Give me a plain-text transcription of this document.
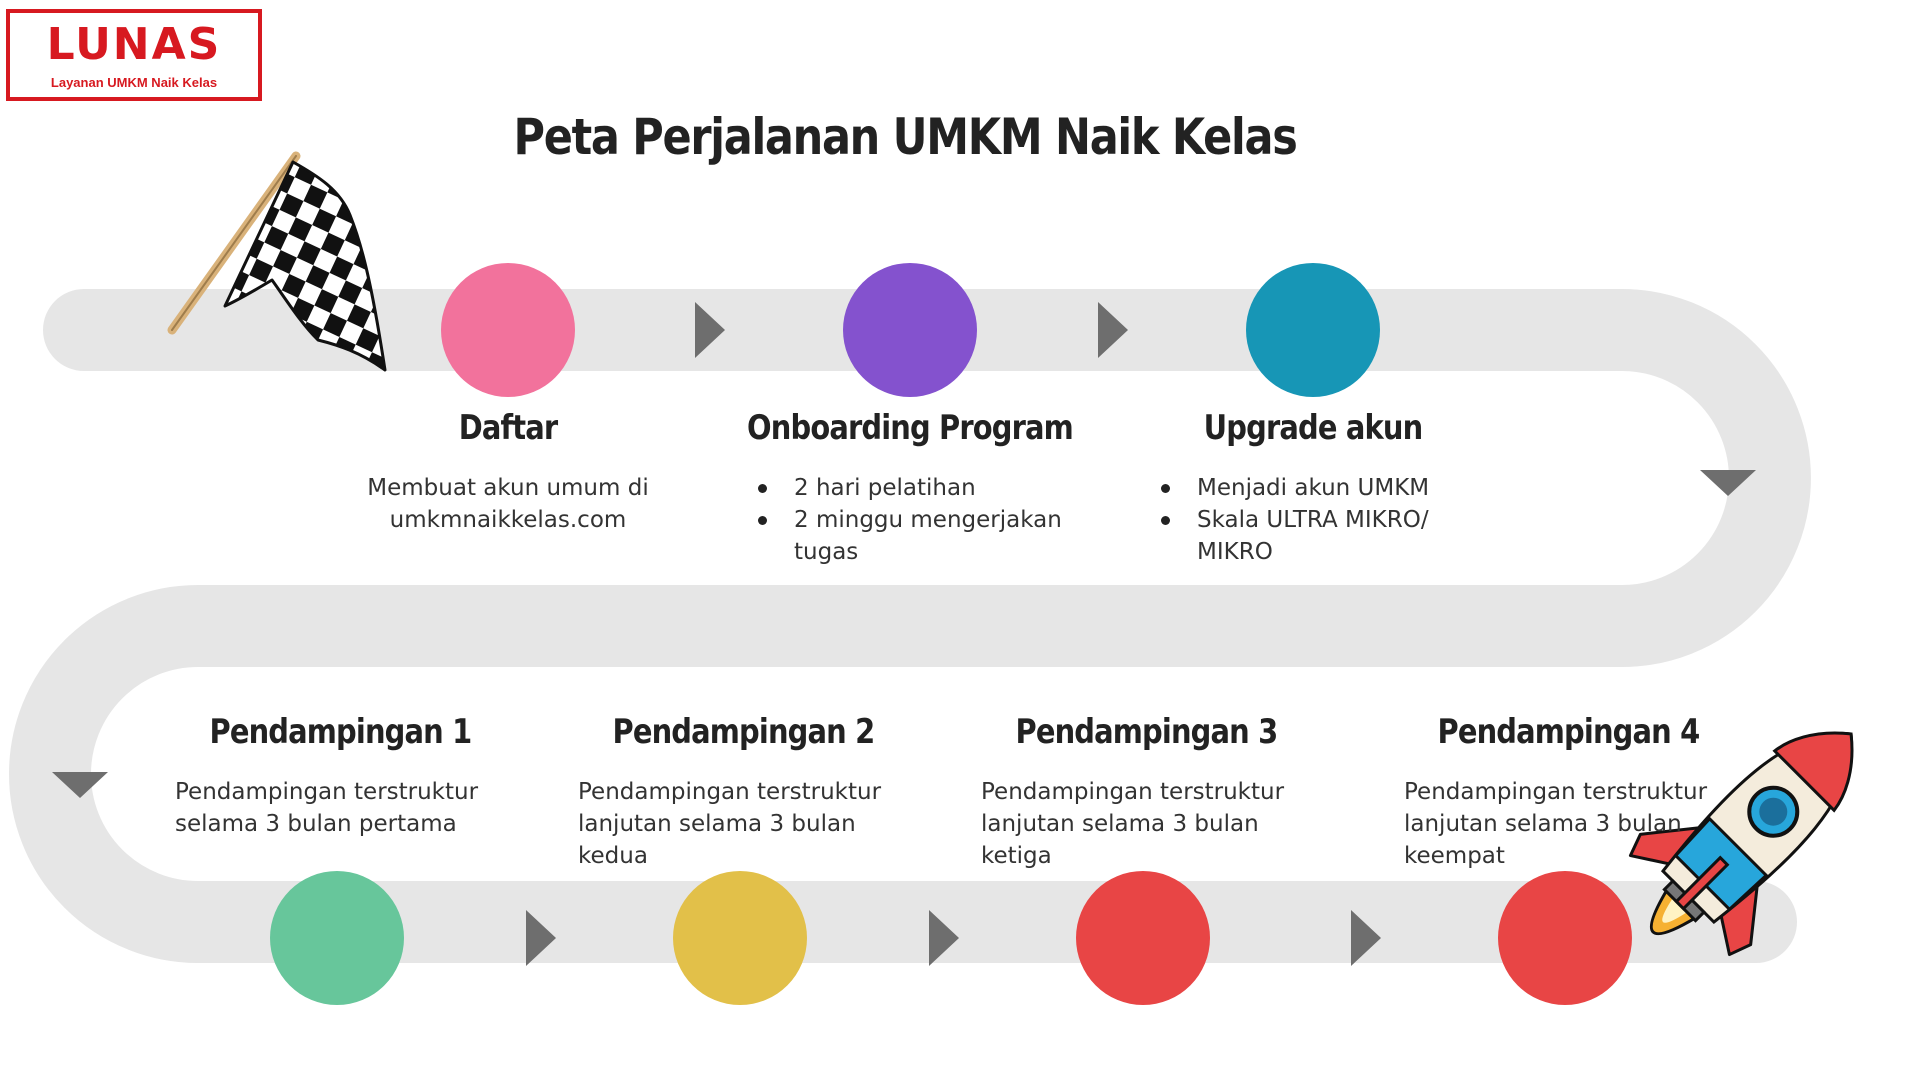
LUNAS
Layanan UMKM Naik Kelas
Peta Perjalanan UMKM Naik Kelas
Daftar
Membuat akun umum di umkmnaikkelas.com
Onboarding Program
2 hari pelatihan
2 minggu mengerjakan tugas
Upgrade akun
Menjadi akun UMKM
Skala ULTRA MIKRO/ MIKRO
Pendampingan 1
Pendampingan terstruktur selama 3 bulan pertama
Pendampingan 2
Pendampingan terstruktur lanjutan selama 3 bulan kedua
Pendampingan 3
Pendampingan terstruktur lanjutan selama 3 bulan ketiga
Pendampingan 4
Pendampingan terstruktur lanjutan selama 3 bulan keempat
